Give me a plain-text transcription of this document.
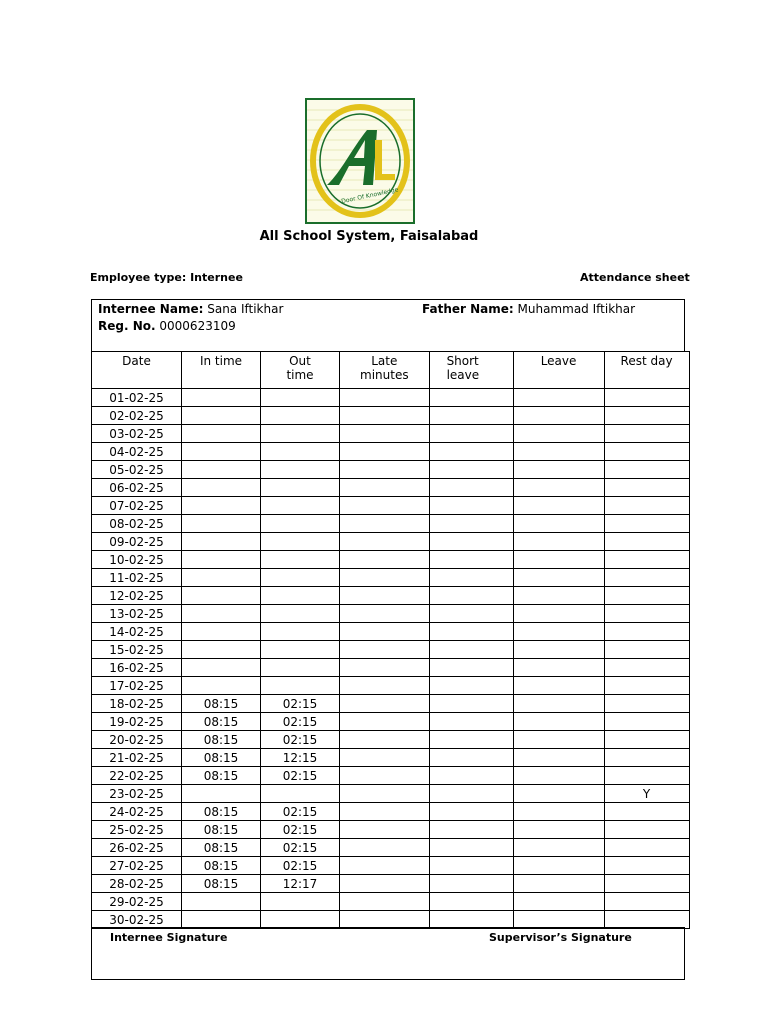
Door Of Knowledge
All School System, Faisalabad
Employee type: Internee	Attendance sheet
Internee Name: Sana Iftikhar
Reg. No. 0000623109
Father Name: Muhammad Iftikhar
Date	In time	Out time	Late minutes	Short leave	Leave	Rest day
01-02-25						
02-02-25						
03-02-25						
04-02-25						
05-02-25						
06-02-25						
07-02-25						
08-02-25						
09-02-25						
10-02-25						
11-02-25						
12-02-25						
13-02-25						
14-02-25						
15-02-25						
16-02-25						
17-02-25						
18-02-25	08:15	02:15				
19-02-25	08:15	02:15				
20-02-25	08:15	02:15				
21-02-25	08:15	12:15				
22-02-25	08:15	02:15				
23-02-25						Y
24-02-25	08:15	02:15				
25-02-25	08:15	02:15				
26-02-25	08:15	02:15				
27-02-25	08:15	02:15				
28-02-25	08:15	12:17				
29-02-25						
30-02-25						
Internee Signature	Supervisor’s Signature
